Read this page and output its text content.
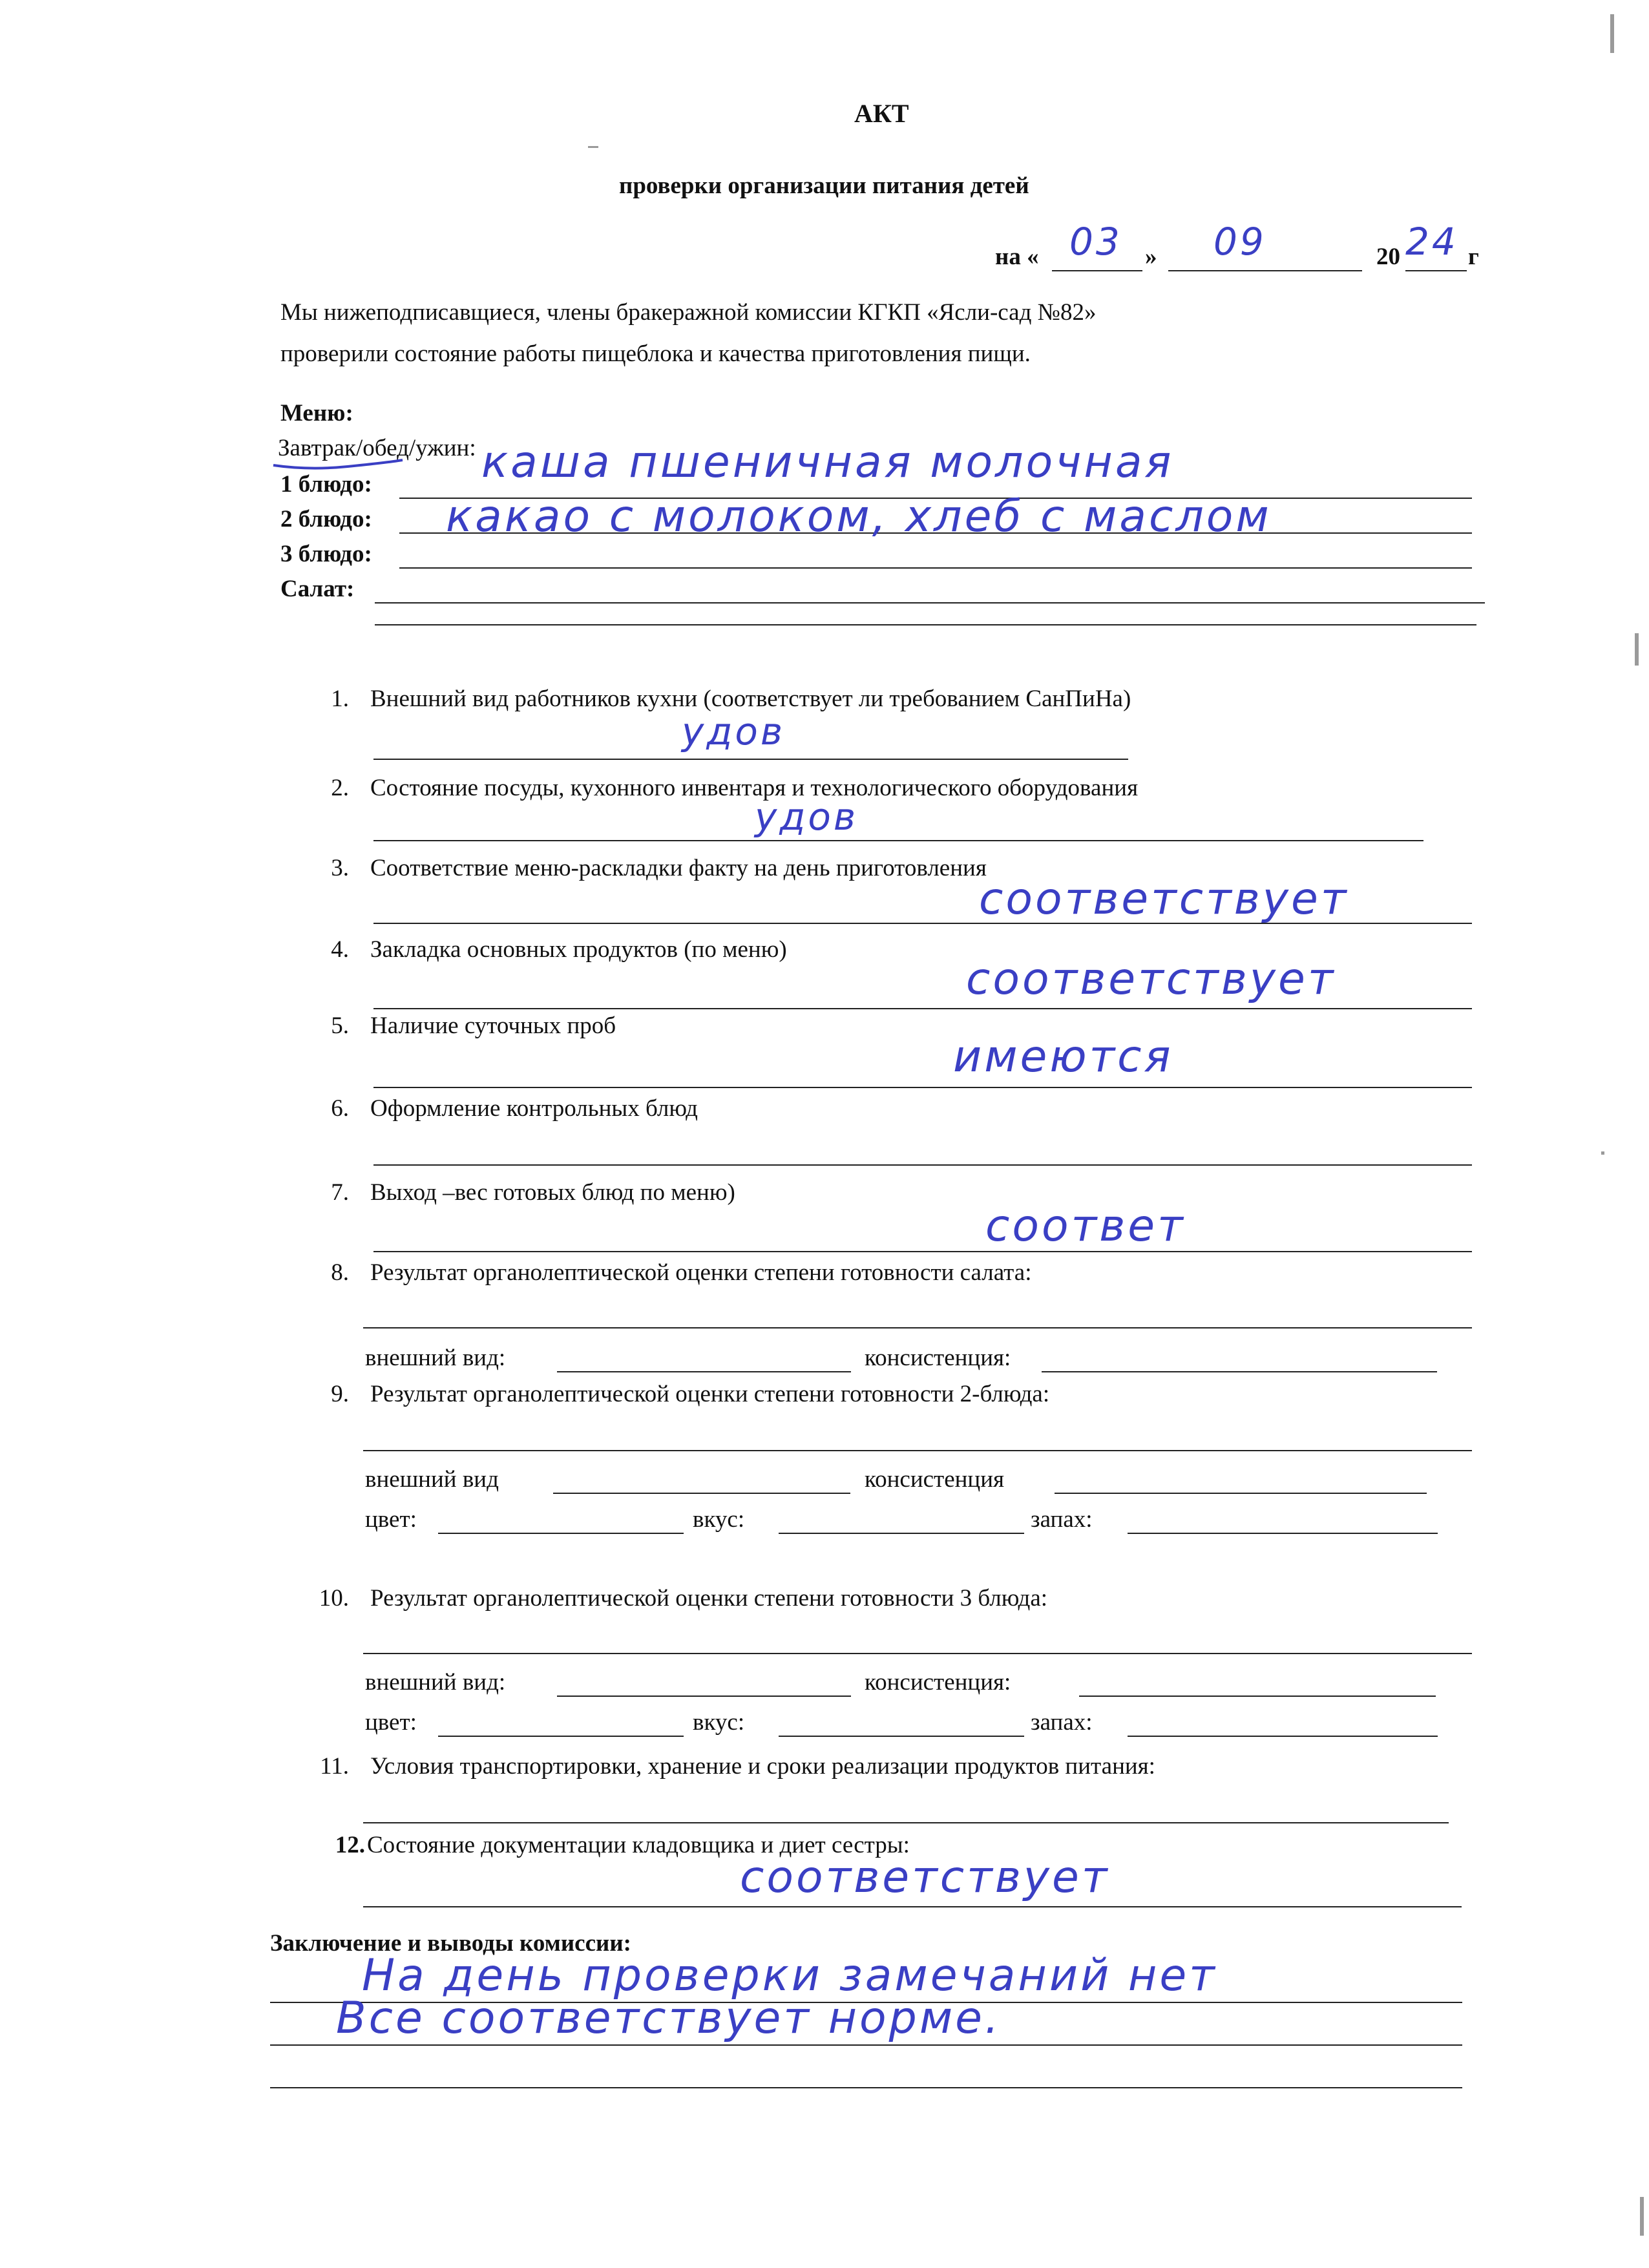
АКТ
проверки организации питания детей
на « 03 » 09	20 24 г
Мы нижеподписавщиеся, члены бракеражной комиссии КГКП «Ясли-сад №82»
проверили состояние работы пищеблока и качества приготовления пищи.
Меню:
Завтрак/обед/ужин:
1 блюдо: каша пшеничная молочная
2 блюдо: какао с молоком, хлеб с маслом
3 блюдо:
Салат:
1. Внешний вид работников кухни (соответствует ли требованием СанПиНа)
удов
2. Состояние посуды, кухонного инвентаря и технологического оборудования
удов
3. Соответствие меню-раскладки факту на день приготовления
соответствует
4. Закладка основных продуктов (по меню)
соответствует
5. Наличие суточных проб
имеются
6. Оформление контрольных блюд
7. Выход –вес готовых блюд по меню)
соответ
8. Результат органолептической оценки степени готовности салата:
внешний вид:	консистенция:
9. Результат органолептической оценки степени готовности 2-блюда:
внешний вид	консистенция
цвет:	вкус:	запах:
10. Результат органолептической оценки степени готовности 3 блюда:
внешний вид:	консистенция:
цвет:	вкус:	запах:
11. Условия транспортировки, хранение и сроки реализации продуктов питания:
12. Состояние документации кладовщика и диет сестры:
соответствует
Заключение и выводы комиссии:
На день проверки замечаний нет
Все соответствует норме.
